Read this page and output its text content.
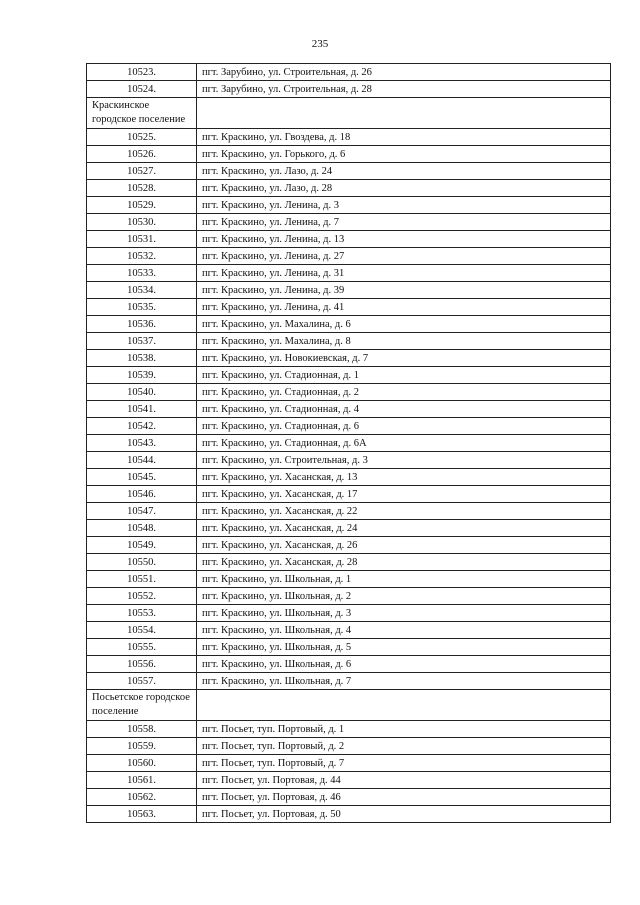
235
10523.	пгт. Зарубино, ул. Строительная, д. 26
10524.	пгт. Зарубино, ул. Строительная, д. 28
Краскинское городское поселение	
10525.	пгт. Краскино, ул. Гвоздева, д. 18
10526.	пгт. Краскино, ул. Горького, д. 6
10527.	пгт. Краскино, ул. Лазо, д. 24
10528.	пгт. Краскино, ул. Лазо, д. 28
10529.	пгт. Краскино, ул. Ленина, д. 3
10530.	пгт. Краскино, ул. Ленина, д. 7
10531.	пгт. Краскино, ул. Ленина, д. 13
10532.	пгт. Краскино, ул. Ленина, д. 27
10533.	пгт. Краскино, ул. Ленина, д. 31
10534.	пгт. Краскино, ул. Ленина, д. 39
10535.	пгт. Краскино, ул. Ленина, д. 41
10536.	пгт. Краскино, ул. Махалина, д. 6
10537.	пгт. Краскино, ул. Махалина, д. 8
10538.	пгт. Краскино, ул. Новокиевская, д. 7
10539.	пгт. Краскино, ул. Стадионная, д. 1
10540.	пгт. Краскино, ул. Стадионная, д. 2
10541.	пгт. Краскино, ул. Стадионная, д. 4
10542.	пгт. Краскино, ул. Стадионная, д. 6
10543.	пгт. Краскино, ул. Стадионная, д. 6А
10544.	пгт. Краскино, ул. Строительная, д. 3
10545.	пгт. Краскино, ул. Хасанская, д. 13
10546.	пгт. Краскино, ул. Хасанская, д. 17
10547.	пгт. Краскино, ул. Хасанская, д. 22
10548.	пгт. Краскино, ул. Хасанская, д. 24
10549.	пгт. Краскино, ул. Хасанская, д. 26
10550.	пгт. Краскино, ул. Хасанская, д. 28
10551.	пгт. Краскино, ул. Школьная, д. 1
10552.	пгт. Краскино, ул. Школьная, д. 2
10553.	пгт. Краскино, ул. Школьная, д. 3
10554.	пгт. Краскино, ул. Школьная, д. 4
10555.	пгт. Краскино, ул. Школьная, д. 5
10556.	пгт. Краскино, ул. Школьная, д. 6
10557.	пгт. Краскино, ул. Школьная, д. 7
Посьетское городское поселение	
10558.	пгт. Посьет, туп. Портовый, д. 1
10559.	пгт. Посьет, туп. Портовый, д. 2
10560.	пгт. Посьет, туп. Портовый, д. 7
10561.	пгт. Посьет, ул. Портовая, д. 44
10562.	пгт. Посьет, ул. Портовая, д. 46
10563.	пгт. Посьет, ул. Портовая, д. 50
